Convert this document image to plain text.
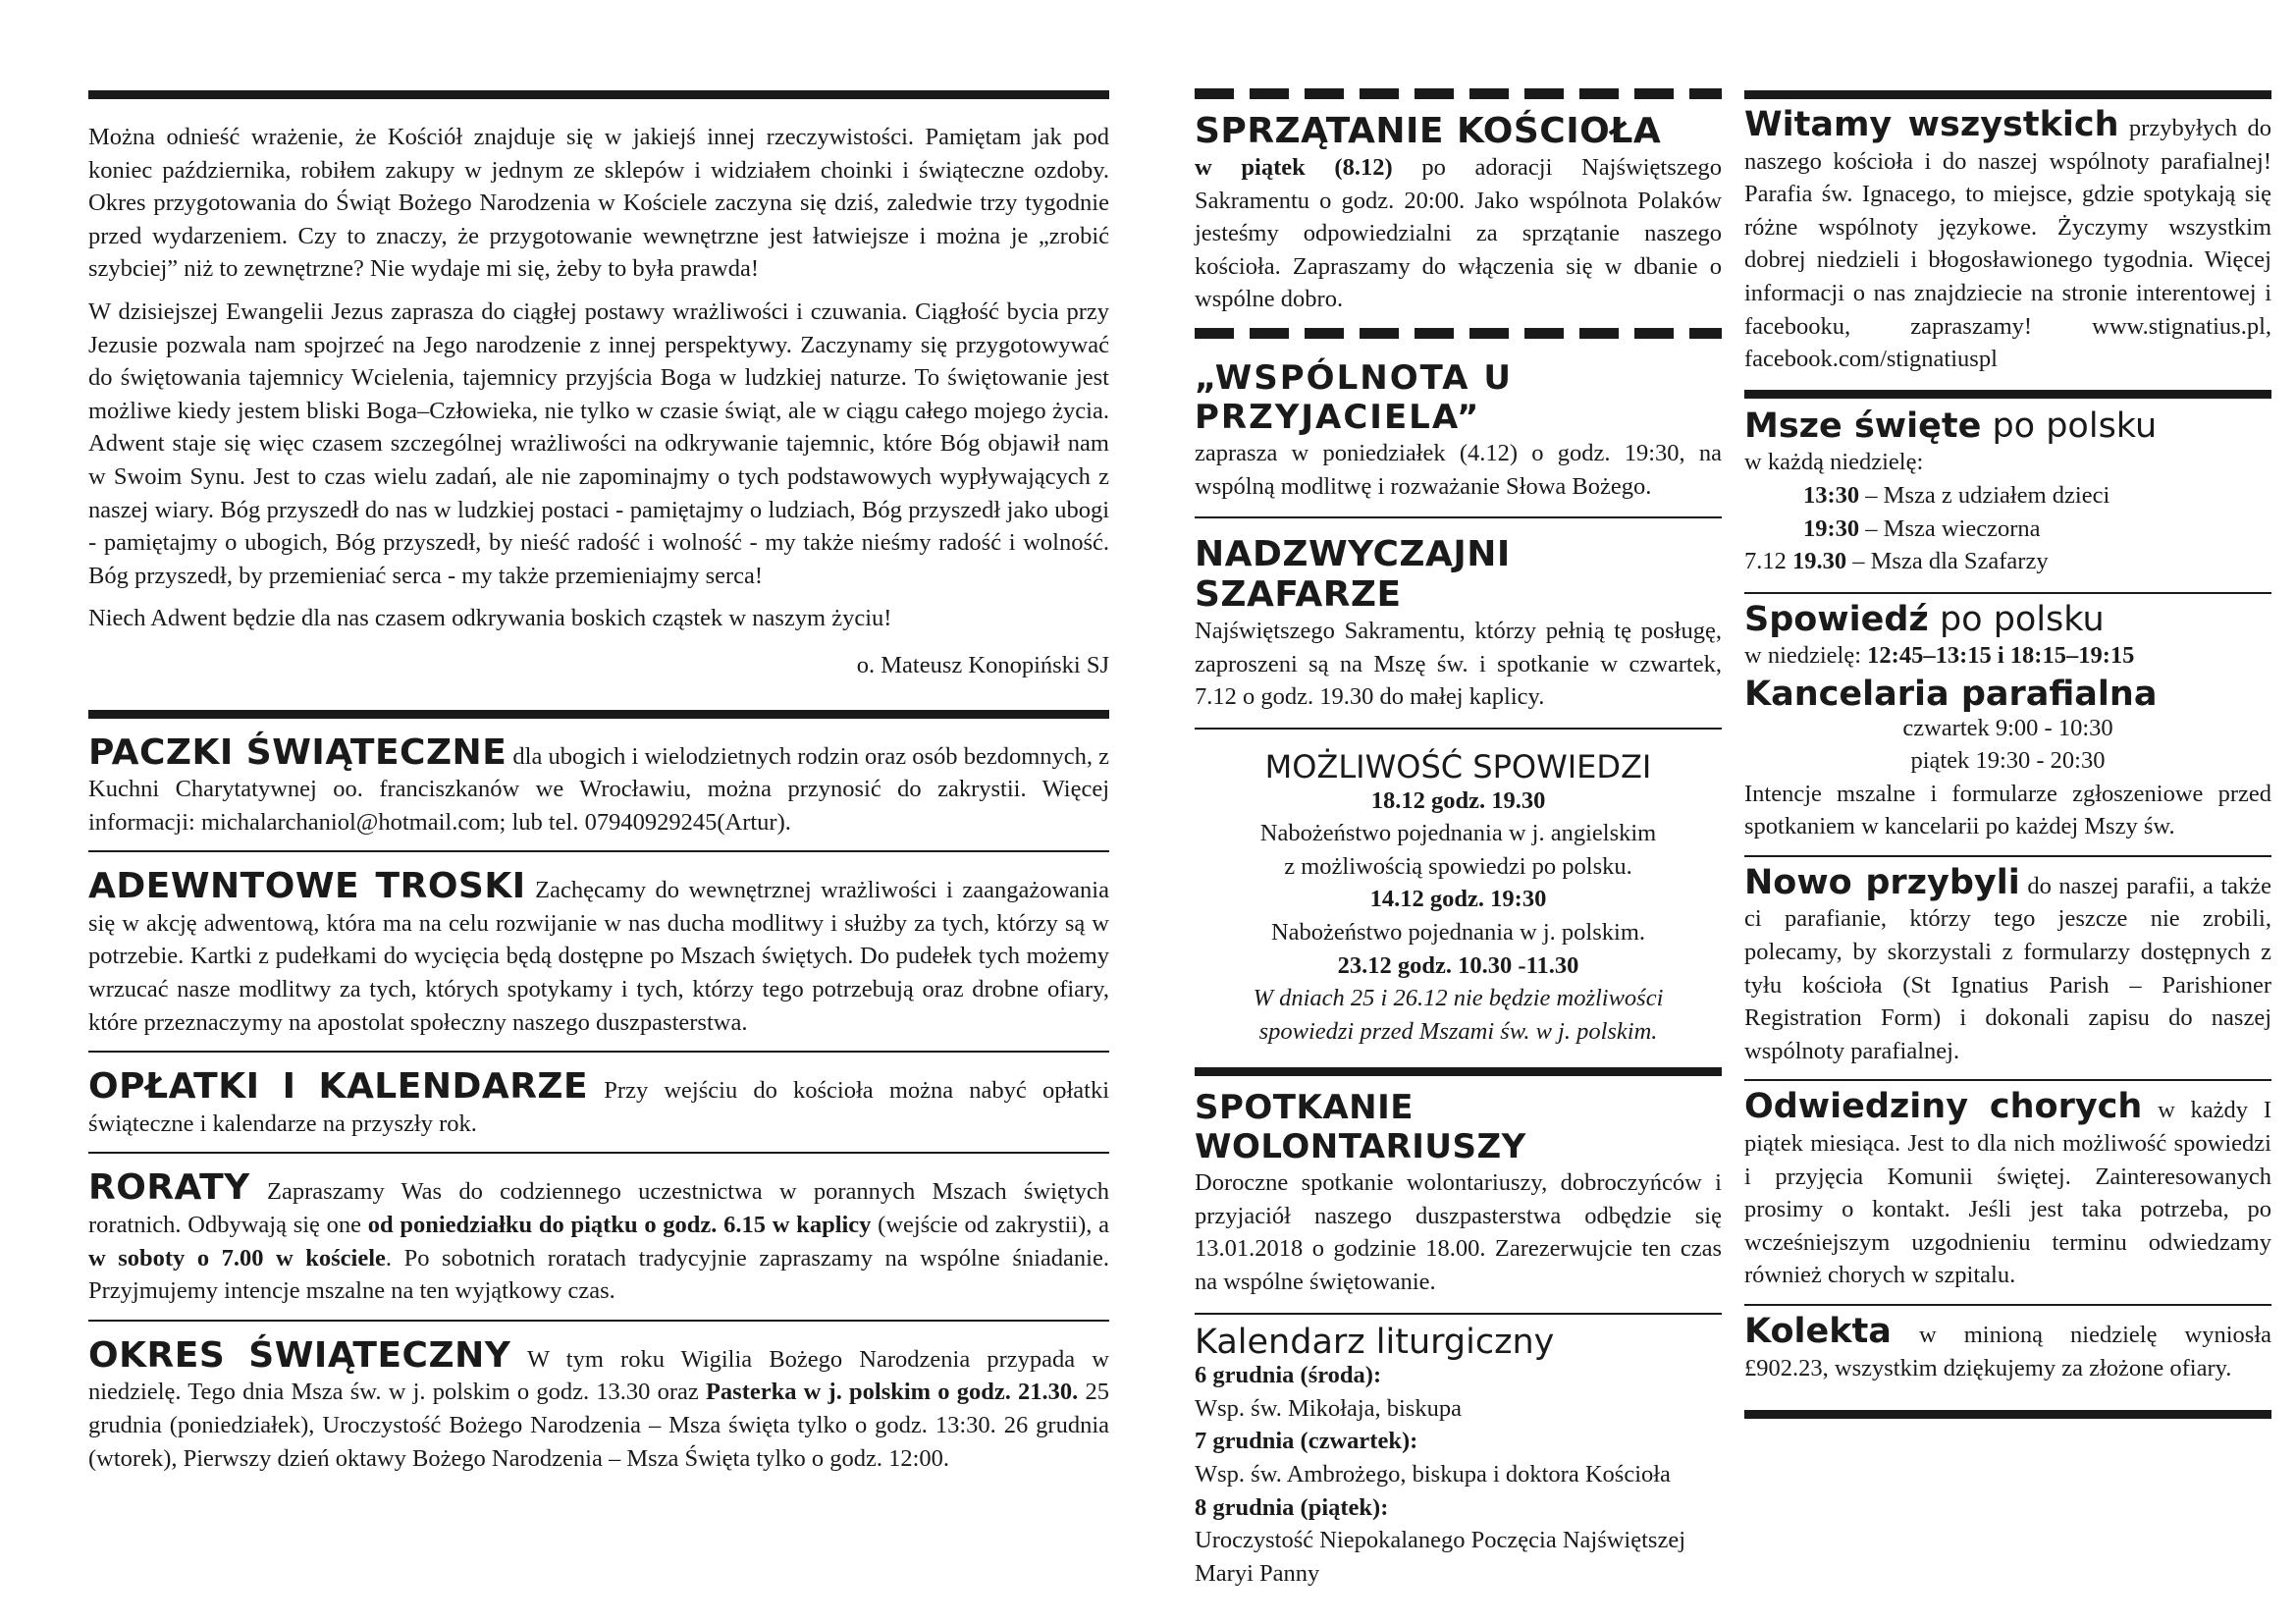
Można odnieść wrażenie, że Kościół znajduje się w jakiejś innej rzeczywistości. Pamiętam jak pod koniec października, robiłem zakupy w jednym ze sklepów i widziałem choinki i świąteczne ozdoby. Okres przygotowania do Świąt Bożego Narodzenia w Kościele zaczyna się dziś, zaledwie trzy tygodnie przed wydarzeniem. Czy to znaczy, że przygotowanie wewnętrzne jest łatwiejsze i można je „zrobić szybciej” niż to zewnętrzne? Nie wydaje mi się, żeby to była prawda!

W dzisiejszej Ewangelii Jezus zaprasza do ciągłej postawy wrażliwości i czuwania. Ciągłość bycia przy Jezusie pozwala nam spojrzeć na Jego narodzenie z innej perspektywy. Zaczynamy się przygotowywać do świętowania tajemnicy Wcielenia, tajemnicy przyjścia Boga w ludzkiej naturze. To świętowanie jest możliwe kiedy jestem bliski Boga–Człowieka, nie tylko w czasie świąt, ale w ciągu całego mojego życia. Adwent staje się więc czasem szczególnej wrażliwości na odkrywanie tajemnic, które Bóg objawił nam w Swoim Synu. Jest to czas wielu zadań, ale nie zapominajmy o tych podstawowych wypływających z naszej wiary. Bóg przyszedł do nas w ludzkiej postaci - pamiętajmy o ludziach, Bóg przyszedł jako ubogi - pamiętajmy o ubogich, Bóg przyszedł, by nieść radość i wolność - my także nieśmy radość i wolność. Bóg przyszedł, by przemieniać serca - my także przemieniajmy serca!

Niech Adwent będzie dla nas czasem odkrywania boskich cząstek w naszym życiu!

o. Mateusz Konopiński SJ

PACZKI ŚWIĄTECZNE dla ubogich i wielodzietnych rodzin oraz osób bezdomnych, z Kuchni Charytatywnej oo. franciszkanów we Wrocławiu, można przynosić do zakrystii. Więcej informacji: michalarchaniol@hotmail.com; lub tel. 07940929245(Artur).

ADEWNTOWE TROSKI Zachęcamy do wewnętrznej wrażliwości i zaangażowania się w akcję adwentową, która ma na celu rozwijanie w nas ducha modlitwy i służby za tych, którzy są w potrzebie. Kartki z pudełkami do wycięcia będą dostępne po Mszach świętych. Do pudełek tych możemy wrzucać nasze modlitwy za tych, których spotykamy i tych, którzy tego potrzebują oraz drobne ofiary, które przeznaczymy na apostolat społeczny naszego duszpasterstwa.

OPŁATKI I KALENDARZE Przy wejściu do kościoła można nabyć opłatki świąteczne i kalendarze na przyszły rok.

RORATY Zapraszamy Was do codziennego uczestnictwa w porannych Mszach świętych roratnich. Odbywają się one od poniedziałku do piątku o godz. 6.15 w kaplicy (wejście od zakrystii), a w soboty o 7.00 w kościele. Po sobotnich roratach tradycyjnie zapraszamy na wspólne śniadanie. Przyjmujemy intencje mszalne na ten wyjątkowy czas.

OKRES ŚWIĄTECZNY W tym roku Wigilia Bożego Narodzenia przypada w niedzielę. Tego dnia Msza św. w j. polskim o godz. 13.30 oraz Pasterka w j. polskim o godz. 21.30. 25 grudnia (poniedziałek), Uroczystość Bożego Narodzenia – Msza święta tylko o godz. 13:30. 26 grudnia (wtorek), Pierwszy dzień oktawy Bożego Narodzenia – Msza Święta tylko o godz. 12:00.

SPRZĄTANIE KOŚCIOŁA

w piątek (8.12) po adoracji Najświętszego Sakramentu o godz. 20:00. Jako wspólnota Polaków jesteśmy odpowiedzialni za sprzątanie naszego kościoła. Zapraszamy do włączenia się w dbanie o wspólne dobro.

„WSPÓLNOTA U PRZYJACIELA”

zaprasza w poniedziałek (4.12) o godz. 19:30, na wspólną modlitwę i rozważanie Słowa Bożego.

NADZWYCZAJNI SZAFARZE

Najświętszego Sakramentu, którzy pełnią tę posługę, zaproszeni są na Mszę św. i spotkanie w czwartek, 7.12 o godz. 19.30 do małej kaplicy.

MOŻLIWOŚĆ SPOWIEDZI
18.12 godz. 19.30
Nabożeństwo pojednania w j. angielskim
z możliwością spowiedzi po polsku.
14.12 godz. 19:30
Nabożeństwo pojednania w j. polskim.
23.12 godz. 10.30 -11.30
W dniach 25 i 26.12 nie będzie możliwości spowiedzi przed Mszami św. w j. polskim.
SPOTKANIE WOLONTARIUSZY

Doroczne spotkanie wolontariuszy, dobroczyńców i przyjaciół naszego duszpasterstwa odbędzie się 13.01.2018 o godzinie 18.00. Zarezerwujcie ten czas na wspólne świętowanie.

Kalendarz liturgiczny
6 grudnia (środa):
Wsp. św. Mikołaja, biskupa
7 grudnia (czwartek):
Wsp. św. Ambrożego, biskupa i doktora Kościoła
8 grudnia (piątek):
Uroczystość Niepokalanego Poczęcia Najświętszej Maryi Panny

Witamy wszystkich przybyłych do naszego kościoła i do naszej wspólnoty parafialnej! Parafia św. Ignacego, to miejsce, gdzie spotykają się różne wspólnoty językowe. Życzymy wszystkim dobrej niedzieli i błogosławionego tygodnia. Więcej informacji o nas znajdziecie na stronie interentowej i facebooku, zapraszamy! www.stignatius.pl, facebook.com/stignatiuspl

Msze święte po polsku
w każdą niedzielę:
13:30 – Msza z udziałem dzieci
19:30 – Msza wieczorna
7.12 19.30 – Msza dla Szafarzy
Spowiedź po polsku
w niedzielę: 12:45–13:15 i 18:15–19:15
Kancelaria parafialna
czwartek 9:00 - 10:30
piątek 19:30 - 20:30

Intencje mszalne i formularze zgłoszeniowe przed spotkaniem w kancelarii po każdej Mszy św.

Nowo przybyli do naszej parafii, a także ci parafianie, którzy tego jeszcze nie zrobili, polecamy, by skorzystali z formularzy dostępnych z tyłu kościoła (St Ignatius Parish – Parishioner Registration Form) i dokonali zapisu do naszej wspólnoty parafialnej.

Odwiedziny chorych w każdy I piątek miesiąca. Jest to dla nich możliwość spowiedzi i przyjęcia Komunii świętej. Zainteresowanych prosimy o kontakt. Jeśli jest taka potrzeba, po wcześniejszym uzgodnieniu terminu odwiedzamy również chorych w szpitalu.

Kolekta w minioną niedzielę wyniosła £902.23, wszystkim dziękujemy za złożone ofiary.
